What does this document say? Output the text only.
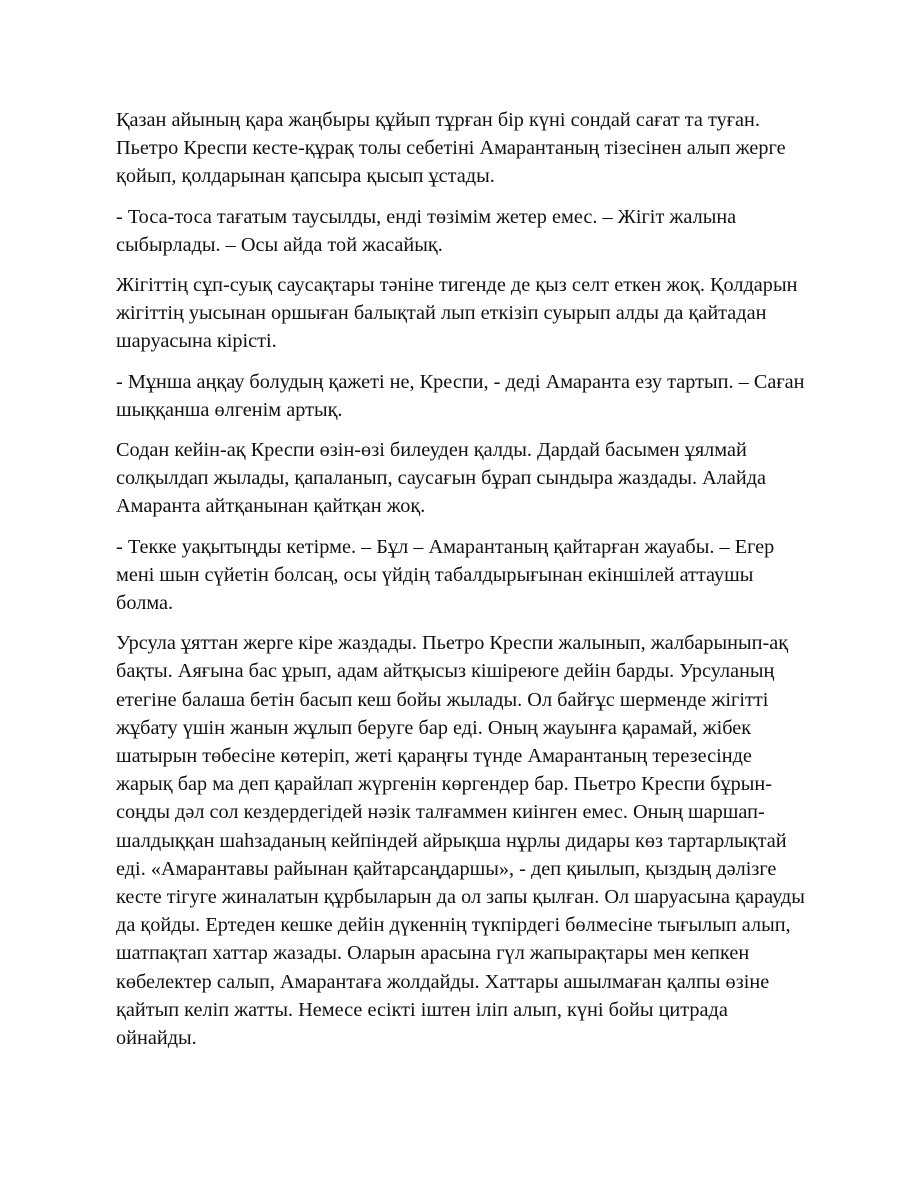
Қазан айының қара жаңбыры құйып тұрған бір күні сондай сағат та туған. Пьетро Креспи кесте-құрақ толы себетіні Амарантаның тізесінен алып жерге қойып, қолдарынан қапсыра қысып ұстады.

- Тоса-тоса тағатым таусылды, енді төзімім жетер емес. – Жігіт жалына сыбырлады. – Осы айда той жасайық.

Жігіттің сұп-суық саусақтары тәніне тигенде де қыз селт еткен жоқ. Қолдарын жігіттің уысынан оршыған балықтай лып еткізіп суырып алды да қайтадан шаруасына кірісті.

- Мұнша аңқау болудың қажеті не, Креспи, - деді Амаранта езу тартып. – Саған шыққанша өлгенім артық.

Содан кейін-ақ Креспи өзін-өзі билеуден қалды. Дардай басымен ұялмай солқылдап жылады, қапаланып, саусағын бұрап сындыра жаздады. Алайда Амаранта айтқанынан қайтқан жоқ.

- Текке уақытыңды кетірме. – Бұл – Амарантаның қайтарған жауабы. – Егер мені шын сүйетін болсаң, осы үйдің табалдырығынан екіншілей аттаушы болма.

Урсула ұяттан жерге кіре жаздады. Пьетро Креспи жалынып, жалбарынып-ақ бақты. Аяғына бас ұрып, адам айтқысыз кішіреюге дейін барды. Урсуланың етегіне балаша бетін басып кеш бойы жылады. Ол байғұс шерменде жігітті жұбату үшін жанын жұлып беруге бар еді. Оның жауынға қарамай, жібек шатырын төбесіне көтеріп, жеті қараңғы түнде Амарантаның терезесінде жарық бар ма деп қарайлап жүргенін көргендер бар. Пьетро Креспи бұрын-соңды дәл сол кездердегідей нәзік талғаммен киінген емес. Оның шаршап-шалдыққан шаһзаданың кейпіндей айрықша нұрлы дидары көз тартарлықтай еді. «Амарантавы райынан қайтарсаңдаршы», - деп қиылып, қыздың дәлізге кесте тігуге жиналатын құрбыларын да ол запы қылған. Ол шаруасына қарауды да қойды. Ертеден кешке дейін дүкеннің түкпірдегі бөлмесіне тығылып алып, шатпақтап хаттар жазады. Оларын арасына гүл жапырақтары мен кепкен көбелектер салып, Амарантаға жолдайды. Хаттары ашылмаған қалпы өзіне қайтып келіп жатты. Немесе есікті іштен іліп алып, күні бойы цитрада ойнайды.
